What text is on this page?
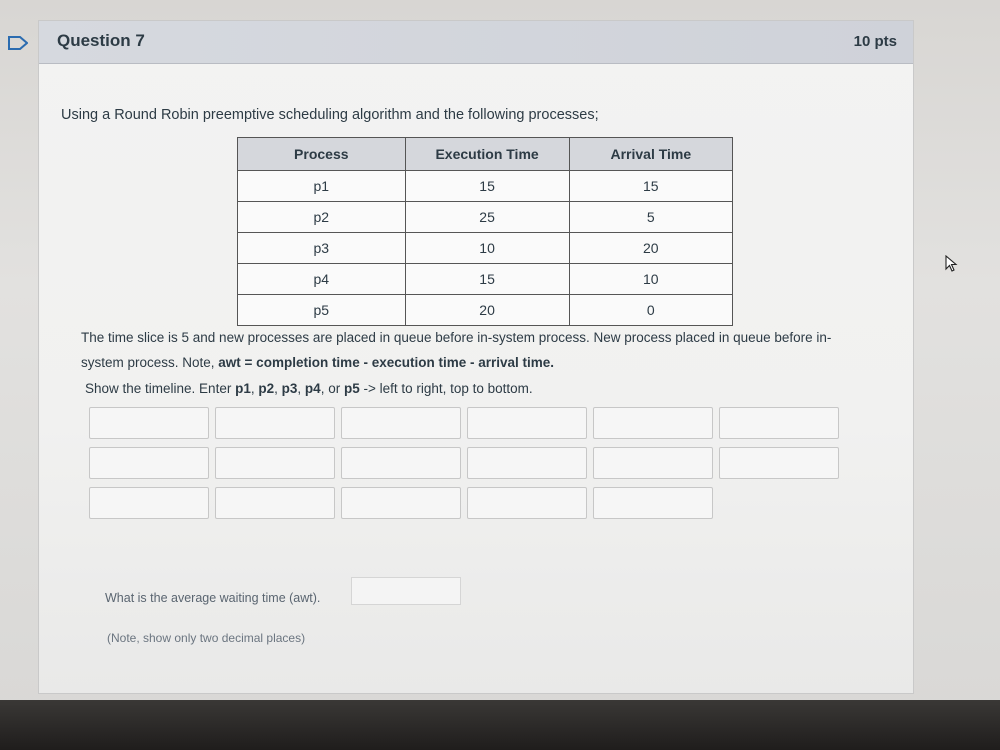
Question 7	10 pts
Using a Round Robin preemptive scheduling algorithm and the following processes;
Process	Execution Time	Arrival Time
p1	15	15
p2	25	5
p3	10	20
p4	15	10
p5	20	0
The time slice is 5 and new processes are placed in queue before in-system process. New process placed in queue before in-system process. Note, awt = completion time - execution time - arrival time.
Show the timeline. Enter p1, p2, p3, p4, or p5 -> left to right, top to bottom.
What is the average waiting time (awt).
(Note, show only two decimal places)
